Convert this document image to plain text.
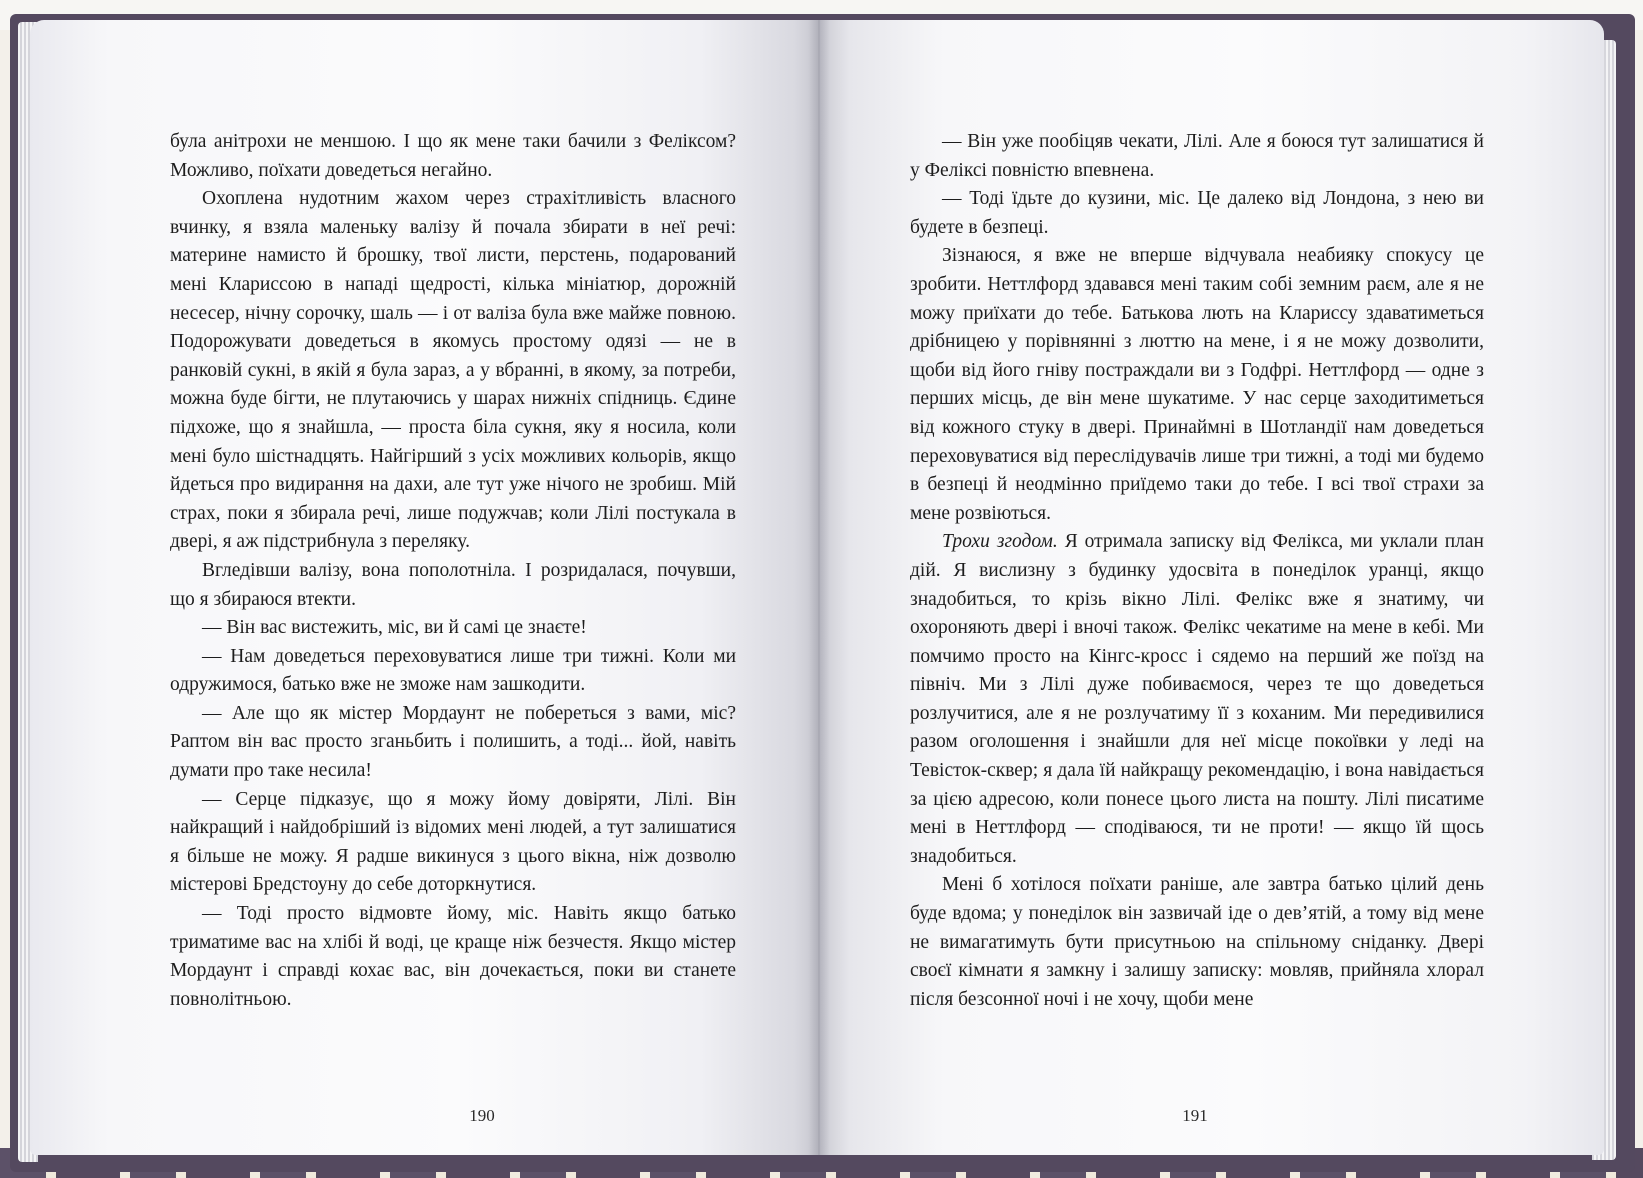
була анітрохи не меншою. І що як мене таки бачили з Феліксом? Можливо, поїхати доведеться негайно.

Охоплена нудотним жахом через страхітливість власного вчинку, я взяла маленьку валізу й почала збирати в неї речі: материне намисто й брошку, твої листи, перстень, подарований мені Клариссою в нападі щедрості, кілька мініатюр, дорожній несесер, нічну сорочку, шаль — і от валіза була вже майже повною. Подорожувати доведеться в якомусь простому одязі — не в ранковій сукні, в якій я була зараз, а у вбранні, в якому, за потреби, можна буде бігти, не плутаючись у шарах нижніх спідниць. Єдине підхоже, що я знайшла, — проста біла сукня, яку я носила, коли мені було шістнадцять. Найгірший з усіх можливих кольорів, якщо йдеться про видирання на дахи, але тут уже нічого не зробиш. Мій страх, поки я збирала речі, лише подужчав; коли Лілі постукала в двері, я аж підстрибнула з переляку.

Вгледівши валізу, вона пополотніла. І розридалася, почувши, що я збираюся втекти.

— Він вас вистежить, міс, ви й самі це знаєте!

— Нам доведеться переховуватися лише три тижні. Коли ми одружимося, батько вже не зможе нам зашкодити.

— Але що як містер Мордаунт не побереться з вами, міс? Раптом він вас просто зганьбить і полишить, а тоді... йой, навіть думати про таке несила!

— Серце підказує, що я можу йому довіряти, Лілі. Він найкращий і найдобріший із відомих мені людей, а тут залишатися я більше не можу. Я радше викинуся з цього вікна, ніж дозволю містерові Бредстоуну до себе доторкнутися.

— Тоді просто відмовте йому, міс. Навіть якщо батько триматиме вас на хлібі й воді, це краще ніж безчестя. Якщо містер Мордаунт і справді кохає вас, він дочекається, поки ви станете повнолітньою.

190

— Він уже пообіцяв чекати, Лілі. Але я боюся тут залишатися й у Феліксі повністю впевнена.

— Тоді їдьте до кузини, міс. Це далеко від Лондона, з нею ви будете в безпеці.

Зізнаюся, я вже не вперше відчувала неабияку спокусу це зробити. Неттлфорд здавався мені таким собі земним раєм, але я не можу приїхати до тебе. Батькова лють на Клариссу здаватиметься дрібницею у порівнянні з люттю на мене, і я не можу дозволити, щоби від його гніву постраждали ви з Годфрі. Неттлфорд — одне з перших місць, де він мене шукатиме. У нас серце заходитиметься від кожного стуку в двері. Принаймні в Шотландії нам доведеться переховуватися від переслідувачів лише три тижні, а тоді ми будемо в безпеці й неодмінно приїдемо таки до тебе. І всі твої страхи за мене розвіються.

Трохи згодом. Я отримала записку від Фелікса, ми уклали план дій. Я вислизну з будинку удосвіта в понеділок уранці, якщо знадобиться, то крізь вікно Лілі. Фелікс вже я знатиму, чи охороняють двері і вночі також. Фелікс чекатиме на мене в кебі. Ми помчимо просто на Кінгс-кросс і сядемо на перший же поїзд на північ. Ми з Лілі дуже побиваємося, через те що доведеться розлучитися, але я не розлучатиму її з коханим. Ми передивилися разом оголошення і знайшли для неї місце покоївки у леді на Тевісток-сквер; я дала їй найкращу рекомендацію, і вона навідається за цією адресою, коли понесе цього листа на пошту. Лілі писатиме мені в Неттлфорд — сподіваюся, ти не проти! — якщо їй щось знадобиться.

Мені б хотілося поїхати раніше, але завтра батько цілий день буде вдома; у понеділок він зазвичай іде о дев’ятій, а тому від мене не вимагатимуть бути присутньою на спільному сніданку. Двері своєї кімнати я замкну і залишу записку: мовляв, прийняла хлорал після безсонної ночі і не хочу, щоби мене

191
